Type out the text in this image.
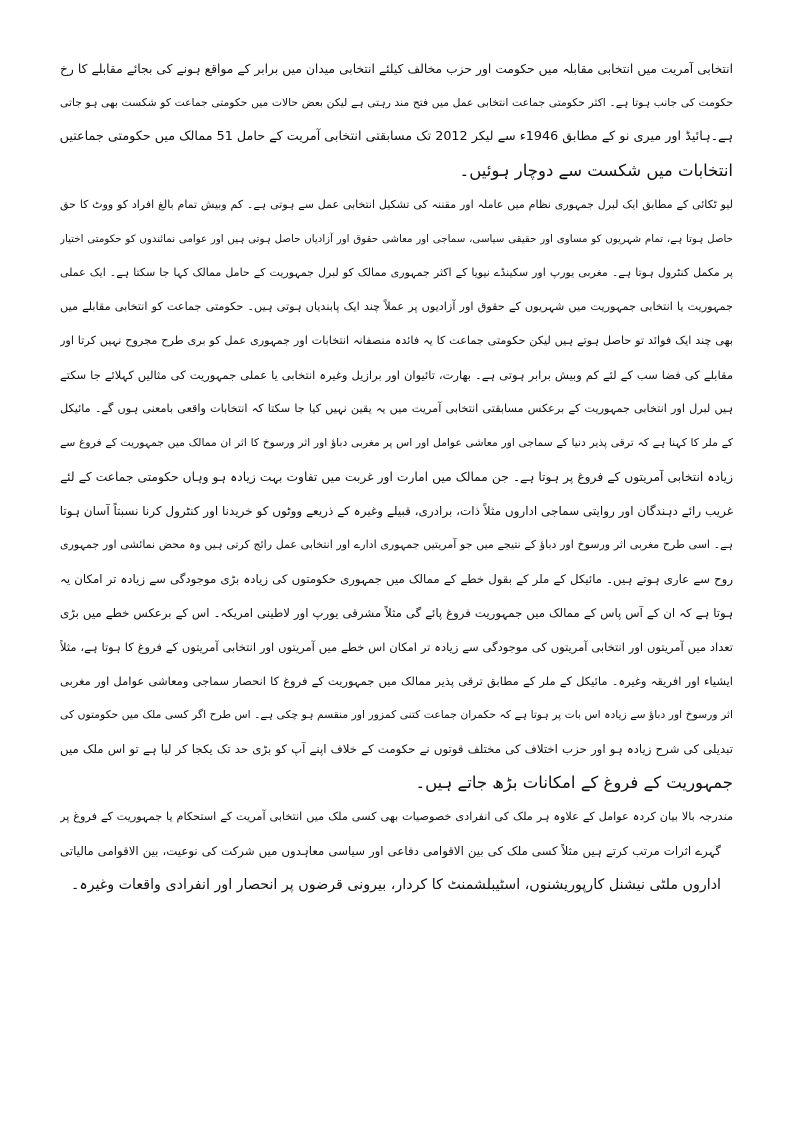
انتخابی آمریت میں انتخابی مقابلہ میں حکومت اور حزب مخالف کیلئے انتخابی میدان میں برابر کے مواقع ہونے کی بجائے مقابلے کا رخ
حکومت کی جانب ہوتا ہے۔ اکثر حکومتی جماعت انتخابی عمل میں فتح مند رہتی ہے لیکن بعض حالات میں حکومتی جماعت کو شکست بھی ہو جاتی
ہے۔ہائیڈ اور میری نو کے مطابق 1946ء سے لیکر 2012 تک مسابقتی انتخابی آمریت کے حامل 51 ممالک میں حکومتی جماعتیں
انتخابات میں شکست سے دوچار ہوئیں۔
لیو ٹکائی کے مطابق ایک لبرل جمہوری نظام میں عاملہ اور مقننہ کی تشکیل انتخابی عمل سے ہوتی ہے۔ کم وبیش تمام بالغ افراد کو ووٹ کا حق
حاصل ہوتا ہے، تمام شہریوں کو مساوی اور حقیقی سیاسی، سماجی اور معاشی حقوق اور آزادیاں حاصل ہوتی ہیں اور عوامی نمائندوں کو حکومتی اختیار
پر مکمل کنٹرول ہوتا ہے۔ مغربی یورپ اور سکینڈے نیویا کے اکثر جمہوری ممالک کو لبرل جمہوریت کے حامل ممالک کہا جا سکتا ہے۔ ایک عملی
جمہوریت یا انتخابی جمہوریت میں شہریوں کے حقوق اور آزادیوں پر عملاً چند ایک پابندیاں ہوتی ہیں۔ حکومتی جماعت کو انتخابی مقابلے میں
بھی چند ایک فوائد تو حاصل ہوتے ہیں لیکن حکومتی جماعت کا یہ فائدہ منصفانہ انتخابات اور جمہوری عمل کو بری طرح مجروح نہیں کرتا اور
مقابلے کی فضا سب کے لئے کم وبیش برابر ہوتی ہے۔ بھارت، تائیوان اور برازیل وغیرہ انتخابی یا عملی جمہوریت کی مثالیں کہلائے جا سکتے
ہیں لبرل اور انتخابی جمہوریت کے برعکس مسابقتی انتخابی آمریت میں یہ یقین نہیں کیا جا سکتا کہ انتخابات واقعی بامعنی ہوں گے۔ مائیکل
کے ملر کا کہنا ہے کہ ترقی پذیر دنیا کے سماجی اور معاشی عوامل اور اس پر مغربی دباؤ اور اثر ورسوخ کا اثر ان ممالک میں جمہوریت کے فروغ سے
زیادہ انتخابی آمریتوں کے فروغ پر ہوتا ہے۔ جن ممالک میں امارت اور غربت میں تفاوت بہت زیادہ ہو وہاں حکومتی جماعت کے لئے
غریب رائے دہندگان اور روایتی سماجی اداروں مثلاً ذات، برادری، قبیلے وغیرہ کے ذریعے ووٹوں کو خریدنا اور کنٹرول کرنا نسبتاً آسان ہوتا
ہے۔ اسی طرح مغربی اثر ورسوخ اور دباؤ کے نتیجے میں جو آمریتیں جمہوری ادارے اور انتخابی عمل رائج کرتی ہیں وہ محض نمائشی اور جمہوری
روح سے عاری ہوتے ہیں۔ مائیکل کے ملر کے بقول خطے کے ممالک میں جمہوری حکومتوں کی زیادہ بڑی موجودگی سے زیادہ تر امکان یہ
ہوتا ہے کہ ان کے آس پاس کے ممالک میں جمہوریت فروغ پائے گی مثلاً مشرقی یورپ اور لاطینی امریکہ۔ اس کے برعکس خطے میں بڑی
تعداد میں آمریتوں اور انتخابی آمریتوں کی موجودگی سے زیادہ تر امکان اس خطے میں آمریتوں اور انتخابی آمریتوں کے فروغ کا ہوتا ہے، مثلاً
ایشیاء اور افریقہ وغیرہ۔ مائیکل کے ملر کے مطابق ترقی پذیر ممالک میں جمہوریت کے فروغ کا انحصار سماجی ومعاشی عوامل اور مغربی
اثر ورسوخ اور دباؤ سے زیادہ اس بات پر ہوتا ہے کہ حکمران جماعت کتنی کمزور اور منقسم ہو چکی ہے۔ اس طرح اگر کسی ملک میں حکومتوں کی
تبدیلی کی شرح زیادہ ہو اور حزب اختلاف کی مختلف قوتوں نے حکومت کے خلاف اپنے آپ کو بڑی حد تک یکجا کر لیا ہے تو اس ملک میں
جمہوریت کے فروغ کے امکانات بڑھ جاتے ہیں۔
مندرجہ بالا بیان کردہ عوامل کے علاوہ ہر ملک کی انفرادی خصوصیات بھی کسی ملک میں انتخابی آمریت کے استحکام یا جمہوریت کے فروغ پر
گہرے اثرات مرتب کرتے ہیں مثلاً کسی ملک کی بین الاقوامی دفاعی اور سیاسی معاہدوں میں شرکت کی نوعیت، بین الاقوامی مالیاتی
اداروں ملٹی نیشنل کارپوریشنوں، اسٹیبلشمنٹ کا کردار، بیرونی قرضوں پر انحصار اور انفرادی واقعات وغیرہ۔
